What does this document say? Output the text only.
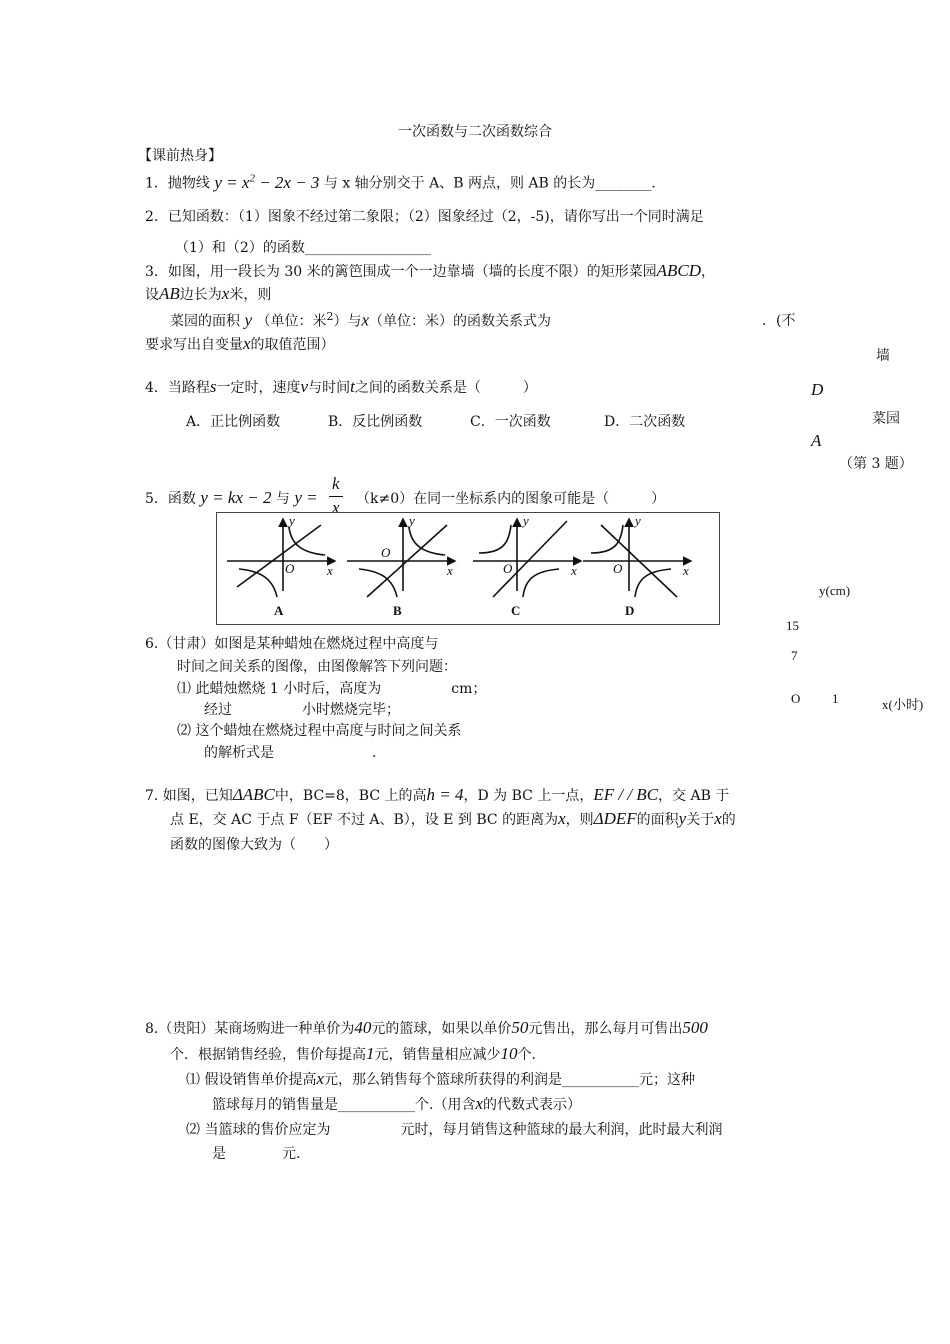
一次函数与二次函数综合
【课前热身】
1．抛物线 $y = x^2 - 2x - 3$ 与 x 轴分别交于 A、B 两点，则 AB 的长为________.
2．已知函数：（1）图象不经过第二象限；（2）图象经过（2，-5)，请你写出一个同时满足
（1）和（2）的函数__________________
3．如图，用一段长为 30 米的篱笆围成一个一边靠墙（墙的长度不限）的矩形菜园ABCD，
设AB边长为x米，则
菜园的面积 y （单位：米$^2$）与x（单位：米）的函数关系式为	．(不
要求写出自变量x的取值范围）
墙
D
菜园
A
（第 3 题）
4．当路程s一定时，速度v与时间t之间的函数关系是（　　　）
A．正比例函数	B．反比例函数	C．一次函数	D．二次函数
5．函数 y = kx − 2 与 y =
k
x （k≠0）在同一坐标系内的图象可能是（　　　）
y
x
O
A
y
x
O
B
y
x
O
C
y
x
O
D
6.（甘肃）如图是某种蜡烛在燃烧过程中高度与
时间之间关系的图像，由图像解答下列问题：
⑴ 此蜡烛燃烧 1 小时后，高度为　　　　　cm；
经过　　　　　小时燃烧完毕；
⑵ 这个蜡烛在燃烧过程中高度与时间之间关系
的解析式是　　　　　　　.
y(cm)
15
7
O 1	x(小时)
7. 如图，已知ΔABC中，BC=8，BC 上的高h = 4，D 为 BC 上一点，EF / / BC，交 AB 于
点 E，交 AC 于点 F（EF 不过 A、B），设 E 到 BC 的距离为x，则ΔDEF的面积y关于x的
函数的图像大致为（　　）
8.（贵阳）某商场购进一种单价为40元的篮球，如果以单价50元售出，那么每月可售出500
个．根据销售经验，售价每提高1元，销售量相应减少10个.
⑴ 假设销售单价提高x元，那么销售每个篮球所获得的利润是___________元；这种
篮球每月的销售量是___________个.（用含x的代数式表示）
⑵ 当篮球的售价应定为　　　　　元时，每月销售这种篮球的最大利润，此时最大利润
是　　　　元.
